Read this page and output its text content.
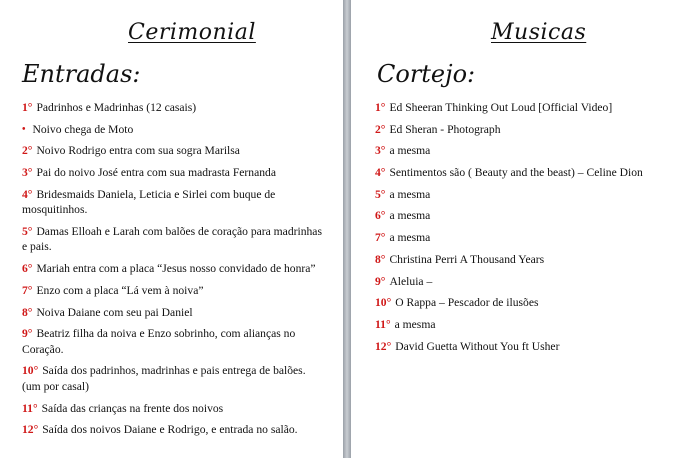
Cerimonial
Entradas:
1° Padrinhos e Madrinhas (12 casais)
• Noivo chega de Moto
2° Noivo Rodrigo entra com sua sogra Marilsa
3° Pai do noivo José entra com sua madrasta Fernanda
4° Bridesmaids Daniela, Leticia e Sirlei com buque de mosquitinhos.
5° Damas Elloah e Larah com balões de coração para madrinhas e pais.
6° Mariah entra com a placa “Jesus nosso convidado de honra”
7° Enzo com a placa “Lá vem à noiva”
8° Noiva Daiane com seu pai Daniel
9° Beatriz filha da noiva e Enzo sobrinho, com alianças no Coração.
10° Saída dos padrinhos, madrinhas e pais entrega de balões. (um por casal)
11° Saída das crianças na frente dos noivos
12° Saída dos noivos Daiane e Rodrigo, e entrada no salão.
Musicas
Cortejo:
1° Ed Sheeran Thinking Out Loud [Official Video]
2° Ed Sheran - Photograph
3° a mesma
4° Sentimentos são ( Beauty and the beast) – Celine Dion
5° a mesma
6° a mesma
7° a mesma
8° Christina Perri A Thousand Years
9° Aleluia –
10° O Rappa – Pescador de ilusões
11° a mesma
12° David Guetta Without You ft Usher
